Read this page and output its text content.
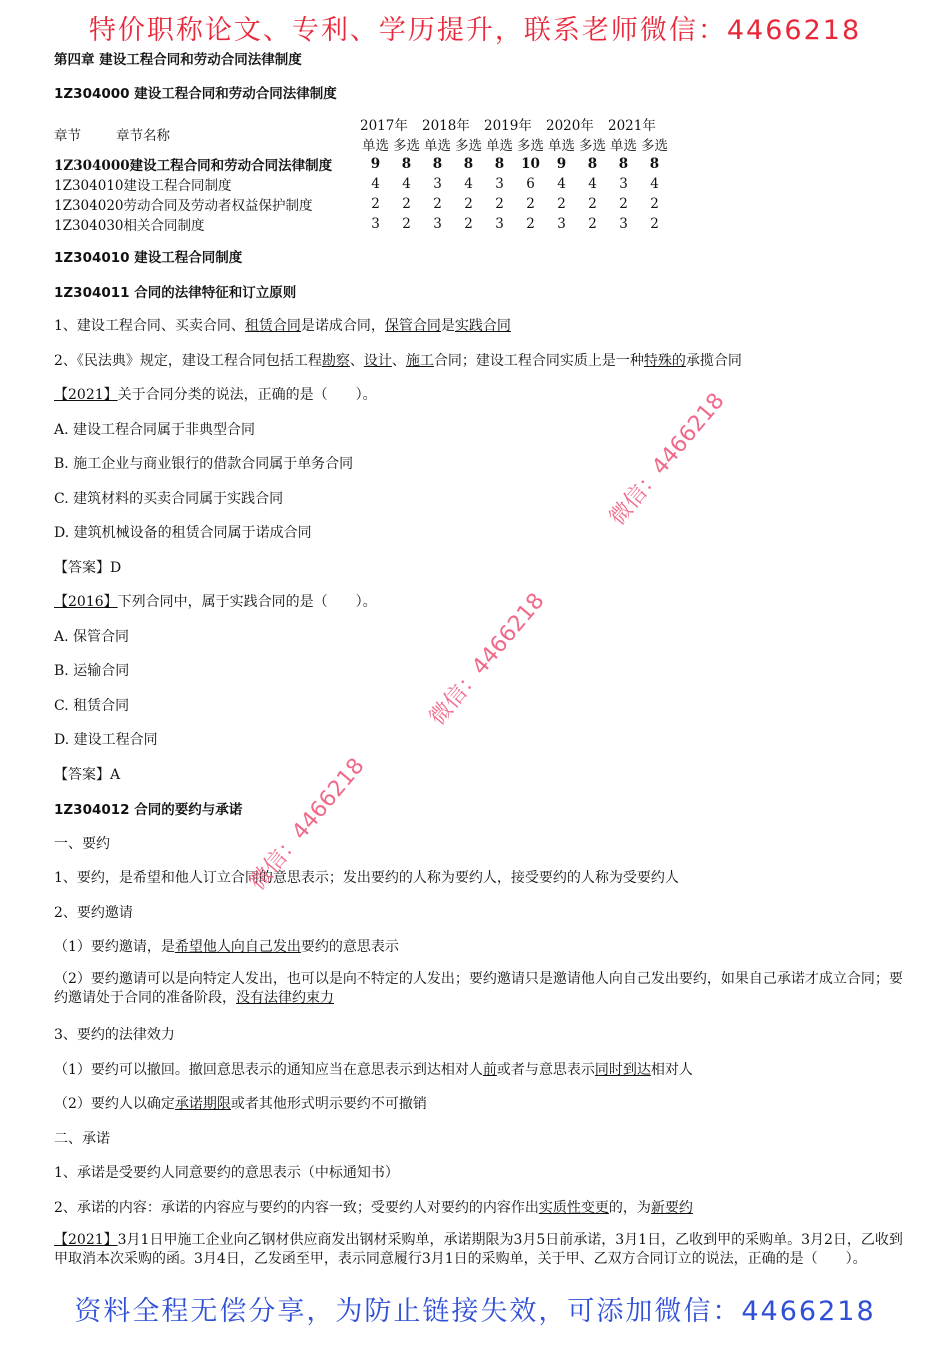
特价职称论文、专利、学历提升，联系老师微信：4466218
第四章 建设工程合同和劳动合同法律制度
1Z304000 建设工程合同和劳动合同法律制度
章节	章节名称	2017年		2018年		2019年		2020年		2021年	
		单选	多选	单选	多选	单选	多选	单选	多选	单选	多选
1Z304000建设工程合同和劳动合同法律制度		9	8	8	8	8	10	9	8	8	8
1Z304010建设工程合同制度		4	4	3	4	3	6	4	4	3	4
1Z304020劳动合同及劳动者权益保护制度		2	2	2	2	2	2	2	2	2	2
1Z304030相关合同制度		3	2	3	2	3	2	3	2	3	2
1Z304010 建设工程合同制度
1Z304011 合同的法律特征和订立原则
1、建设工程合同、买卖合同、租赁合同是诺成合同，保管合同是实践合同
2、《民法典》规定，建设工程合同包括工程勘察、设计、施工合同；建设工程合同实质上是一种特殊的承揽合同
【2021】关于合同分类的说法，正确的是（　　）。
A. 建设工程合同属于非典型合同
B. 施工企业与商业银行的借款合同属于单务合同
C. 建筑材料的买卖合同属于实践合同
D. 建筑机械设备的租赁合同属于诺成合同
【答案】D
【2016】下列合同中，属于实践合同的是（　　）。
A. 保管合同
B. 运输合同
C. 租赁合同
D. 建设工程合同
【答案】A
1Z304012 合同的要约与承诺
一、要约
1、要约，是希望和他人订立合同的意思表示；发出要约的人称为要约人，接受要约的人称为受要约人
2、要约邀请
（1）要约邀请，是希望他人向自己发出要约的意思表示
（2）要约邀请可以是向特定人发出，也可以是向不特定的人发出；要约邀请只是邀请他人向自己发出要约，如果自己承诺才成立合同；要约邀请处于合同的准备阶段，没有法律约束力
3、要约的法律效力
（1）要约可以撤回。撤回意思表示的通知应当在意思表示到达相对人前或者与意思表示同时到达相对人
（2）要约人以确定承诺期限或者其他形式明示要约不可撤销
二、承诺
1、承诺是受要约人同意要约的意思表示（中标通知书）
2、承诺的内容：承诺的内容应与要约的内容一致；受要约人对要约的内容作出实质性变更的，为新要约
【2021】3月1日甲施工企业向乙钢材供应商发出钢材采购单，承诺期限为3月5日前承诺，3月1日，乙收到甲的采购单。3月2日，乙收到甲取消本次采购的函。3月4日，乙发函至甲，表示同意履行3月1日的采购单，关于甲、乙双方合同订立的说法，正确的是（　　）。
微信：4466218
微信：4466218
微信：4466218
资料全程无偿分享，为防止链接失效，可添加微信：4466218
